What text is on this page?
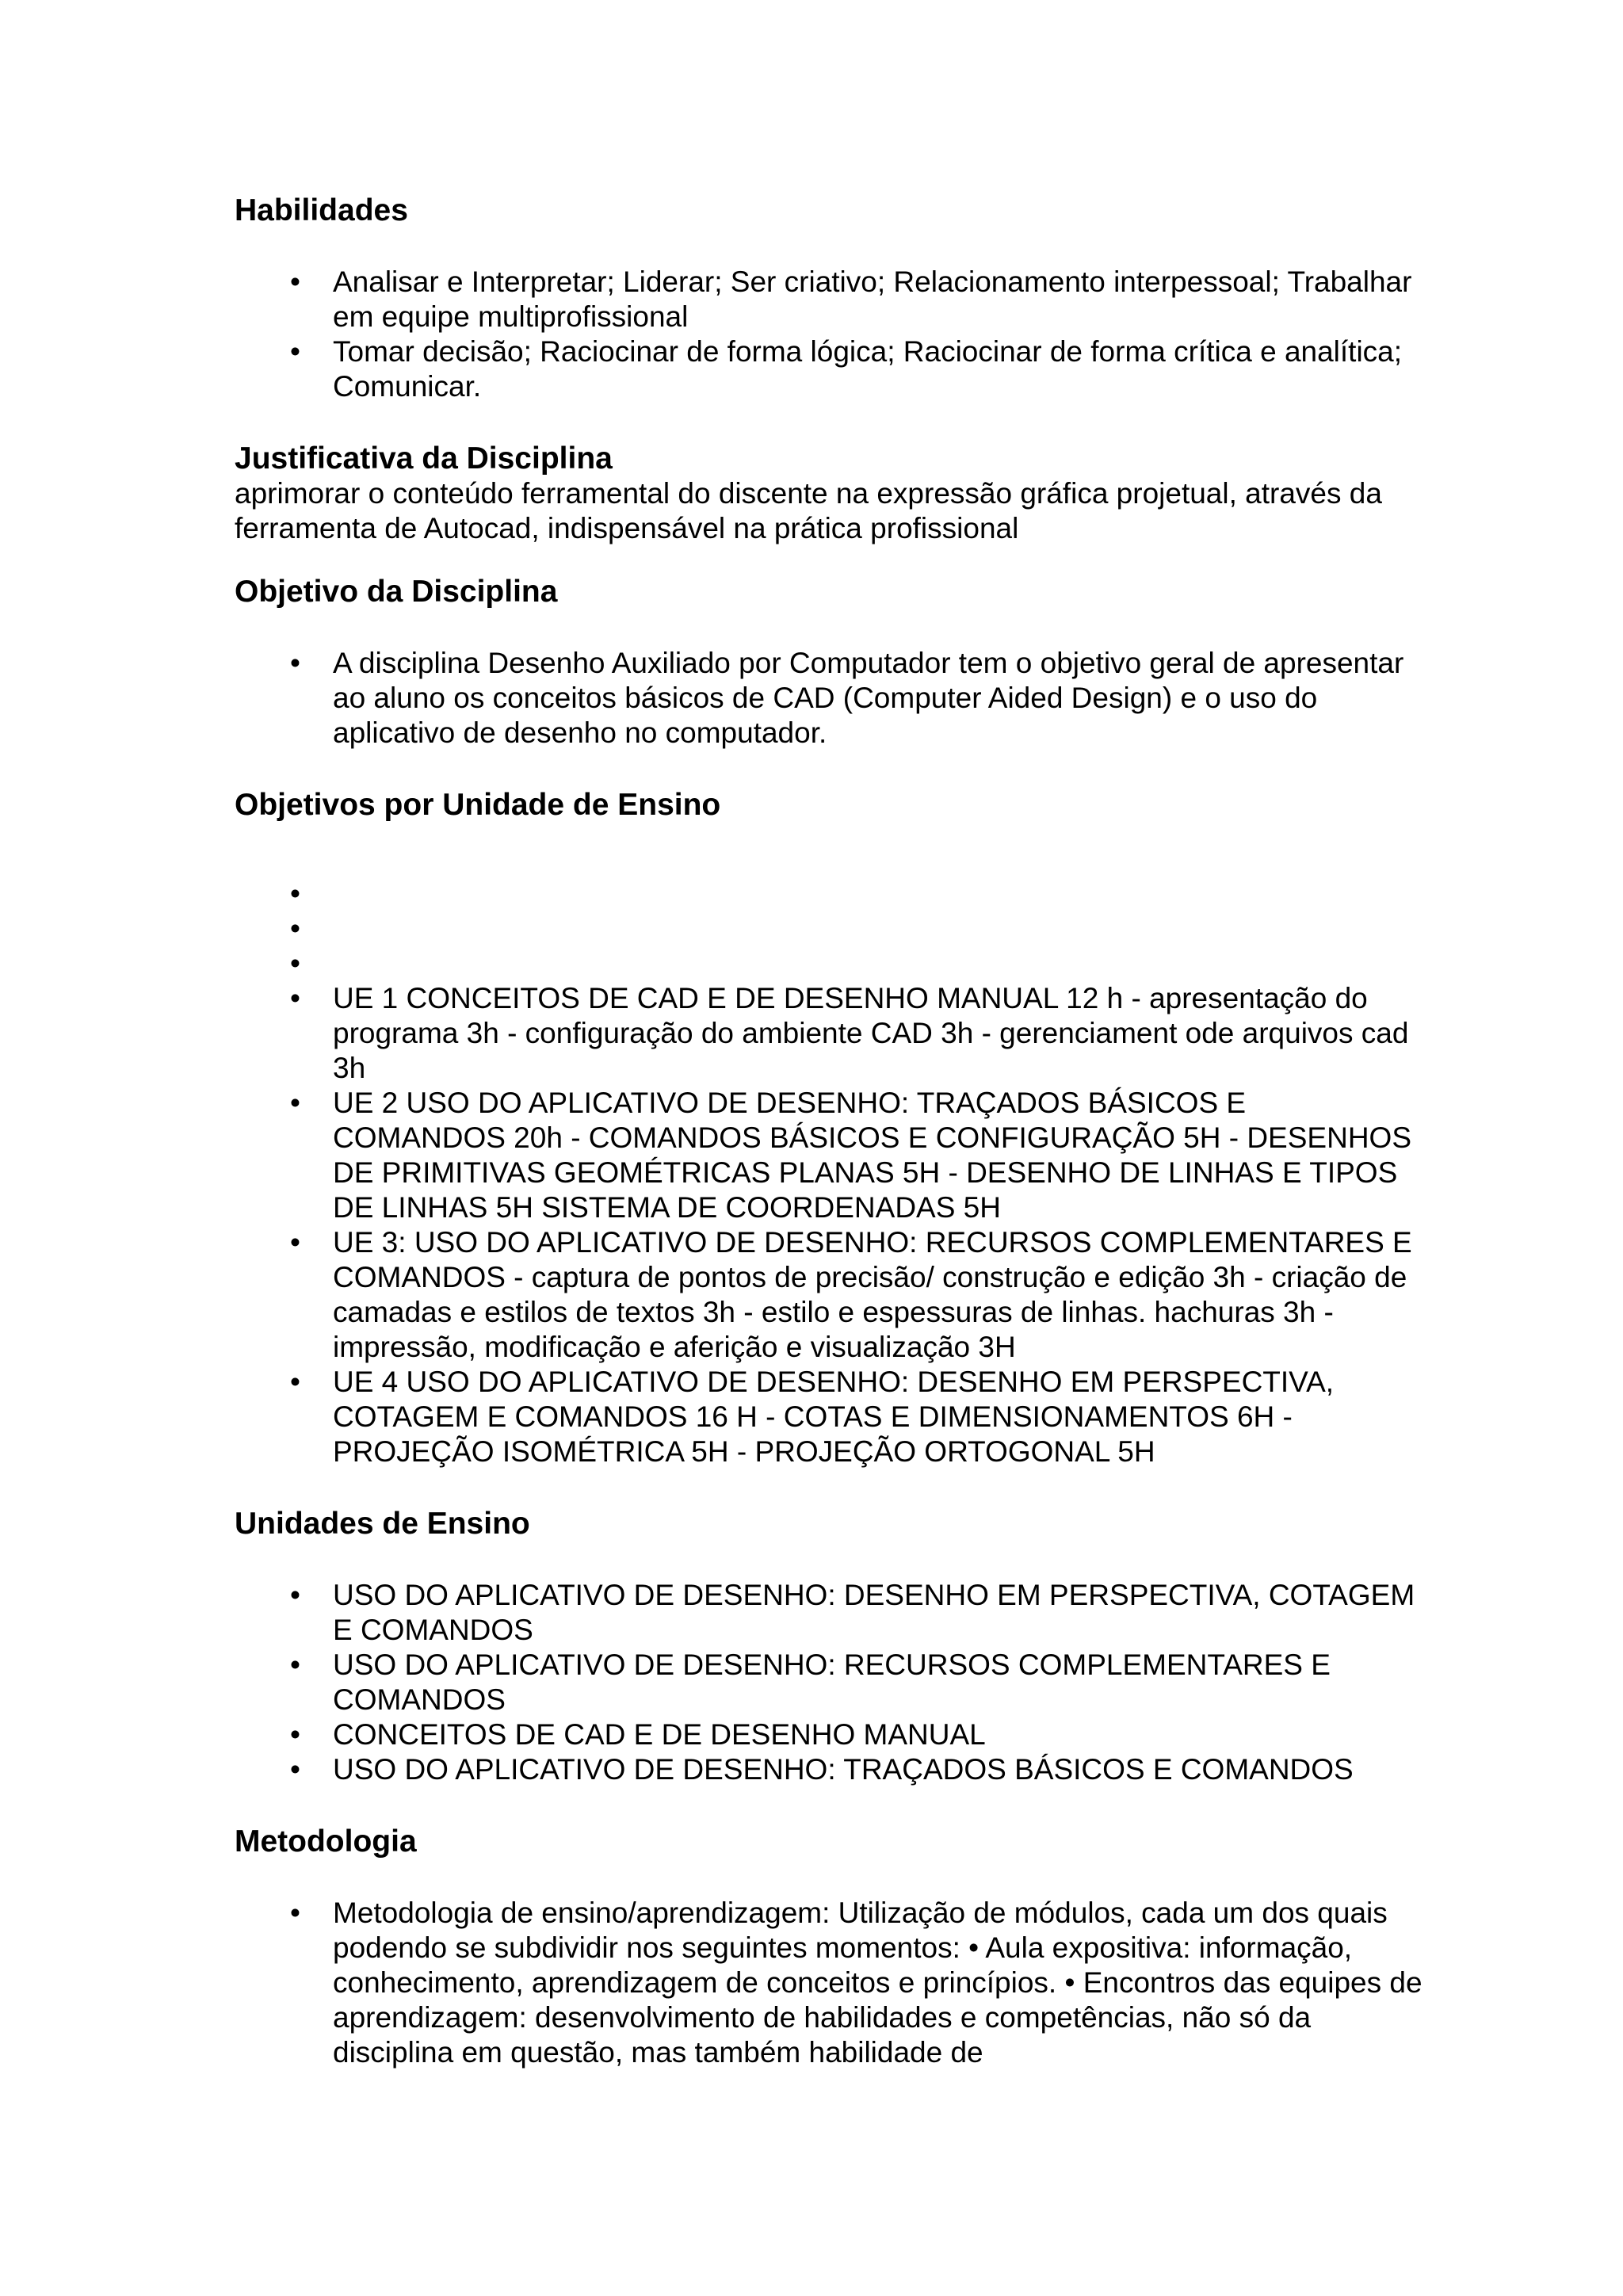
Habilidades
•	Analisar e Interpretar; Liderar; Ser criativo; Relacionamento interpessoal; Trabalhar em equipe multiprofissional
•	Tomar decisão; Raciocinar de forma lógica; Raciocinar de forma crítica e analítica; Comunicar.
Justificativa da Disciplina

aprimorar o conteúdo ferramental do discente na expressão gráfica projetual, através da ferramenta de Autocad, indispensável na prática profissional

Objetivo da Disciplina
•	A disciplina Desenho Auxiliado por Computador tem o objetivo geral de apresentar ao aluno os conceitos básicos de CAD (Computer Aided Design) e o uso do aplicativo de desenho no computador.
Objetivos por Unidade de Ensino
•
•
•
•	UE 1 CONCEITOS DE CAD E DE DESENHO MANUAL 12 h - apresentação do programa 3h - configuração do ambiente CAD 3h - gerenciament ode arquivos cad 3h
•	UE 2 USO DO APLICATIVO DE DESENHO: TRAÇADOS BÁSICOS E COMANDOS 20h - COMANDOS BÁSICOS E CONFIGURAÇÃO 5H - DESENHOS DE PRIMITIVAS GEOMÉTRICAS PLANAS 5H - DESENHO DE LINHAS E TIPOS DE LINHAS 5H SISTEMA DE COORDENADAS 5H
•	UE 3: USO DO APLICATIVO DE DESENHO: RECURSOS COMPLEMENTARES E COMANDOS - captura de pontos de precisão/ construção e edição 3h - criação de camadas e estilos de textos 3h - estilo e espessuras de linhas. hachuras 3h - impressão, modificação e aferição e visualização 3H
•	UE 4 USO DO APLICATIVO DE DESENHO: DESENHO EM PERSPECTIVA, COTAGEM E COMANDOS 16 H - COTAS E DIMENSIONAMENTOS 6H - PROJEÇÃO ISOMÉTRICA 5H - PROJEÇÃO ORTOGONAL 5H
Unidades de Ensino
•	USO DO APLICATIVO DE DESENHO: DESENHO EM PERSPECTIVA, COTAGEM E COMANDOS
•	USO DO APLICATIVO DE DESENHO: RECURSOS COMPLEMENTARES E COMANDOS
•	CONCEITOS DE CAD E DE DESENHO MANUAL
•	USO DO APLICATIVO DE DESENHO: TRAÇADOS BÁSICOS E COMANDOS
Metodologia
•	Metodologia de ensino/aprendizagem: Utilização de módulos, cada um dos quais podendo se subdividir nos seguintes momentos: • Aula expositiva: informação, conhecimento, aprendizagem de conceitos e princípios. • Encontros das equipes de aprendizagem: desenvolvimento de habilidades e competências, não só da disciplina em questão, mas também habilidade de
